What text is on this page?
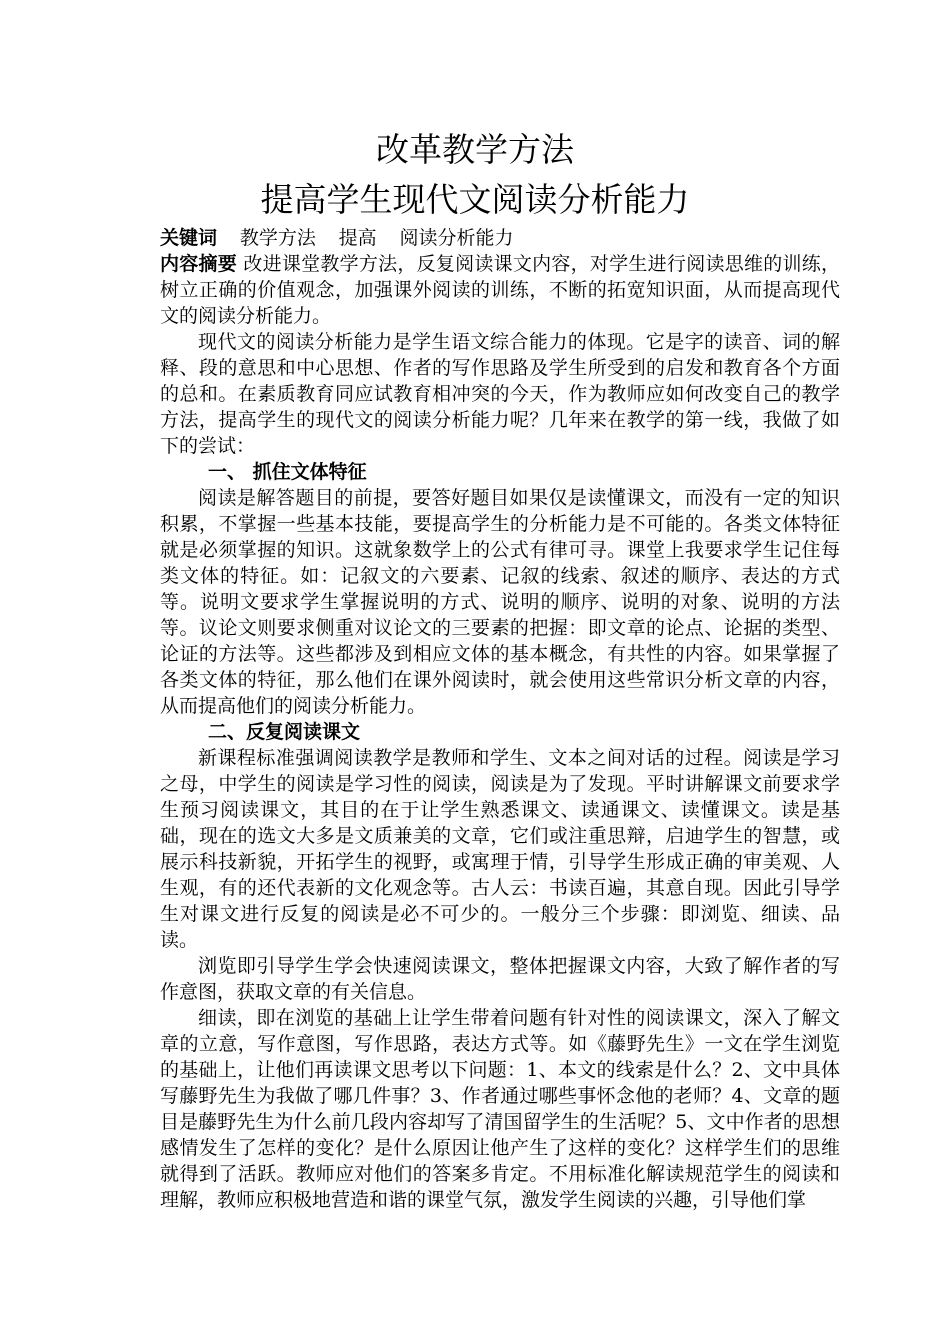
改革教学方法
提高学生现代文阅读分析能力

关键词 教学方法 提高 阅读分析能力

内容摘要 改进课堂教学方法，反复阅读课文内容，对学生进行阅读思维的训练，树立正确的价值观念，加强课外阅读的训练，不断的拓宽知识面，从而提高现代文的阅读分析能力。

现代文的阅读分析能力是学生语文综合能力的体现。它是字的读音、词的解释、段的意思和中心思想、作者的写作思路及学生所受到的启发和教育各个方面的总和。在素质教育同应试教育相冲突的今天，作为教师应如何改变自己的教学方法，提高学生的现代文的阅读分析能力呢？几年来在教学的第一线，我做了如下的尝试：

一、 抓住文体特征

阅读是解答题目的前提，要答好题目如果仅是读懂课文，而没有一定的知识积累，不掌握一些基本技能，要提高学生的分析能力是不可能的。各类文体特征就是必须掌握的知识。这就象数学上的公式有律可寻。课堂上我要求学生记住每类文体的特征。如：记叙文的六要素、记叙的线索、叙述的顺序、表达的方式等。说明文要求学生掌握说明的方式、说明的顺序、说明的对象、说明的方法等。议论文则要求侧重对议论文的三要素的把握：即文章的论点、论据的类型、论证的方法等。这些都涉及到相应文体的基本概念，有共性的内容。如果掌握了各类文体的特征，那么他们在课外阅读时，就会使用这些常识分析文章的内容，从而提高他们的阅读分析能力。

二、反复阅读课文

新课程标准强调阅读教学是教师和学生、文本之间对话的过程。阅读是学习之母，中学生的阅读是学习性的阅读，阅读是为了发现。平时讲解课文前要求学生预习阅读课文，其目的在于让学生熟悉课文、读通课文、读懂课文。读是基础，现在的选文大多是文质兼美的文章，它们或注重思辩，启迪学生的智慧，或展示科技新貌，开拓学生的视野，或寓理于情，引导学生形成正确的审美观、人生观，有的还代表新的文化观念等。古人云：书读百遍，其意自现。因此引导学生对课文进行反复的阅读是必不可少的。一般分三个步骤：即浏览、细读、品读。

浏览即引导学生学会快速阅读课文，整体把握课文内容，大致了解作者的写作意图，获取文章的有关信息。

细读，即在浏览的基础上让学生带着问题有针对性的阅读课文，深入了解文章的立意，写作意图，写作思路，表达方式等。如《藤野先生》一文在学生浏览的基础上，让他们再读课文思考以下问题：1、本文的线索是什么？2、文中具体写藤野先生为我做了哪几件事？3、作者通过哪些事怀念他的老师？4、文章的题目是藤野先生为什么前几段内容却写了清国留学生的生活呢？5、文中作者的思想感情发生了怎样的变化？是什么原因让他产生了这样的变化？这样学生们的思维就得到了活跃。教师应对他们的答案多肯定。不用标准化解读规范学生的阅读和理解，教师应积极地营造和谐的课堂气氛，激发学生阅读的兴趣，引导他们掌
